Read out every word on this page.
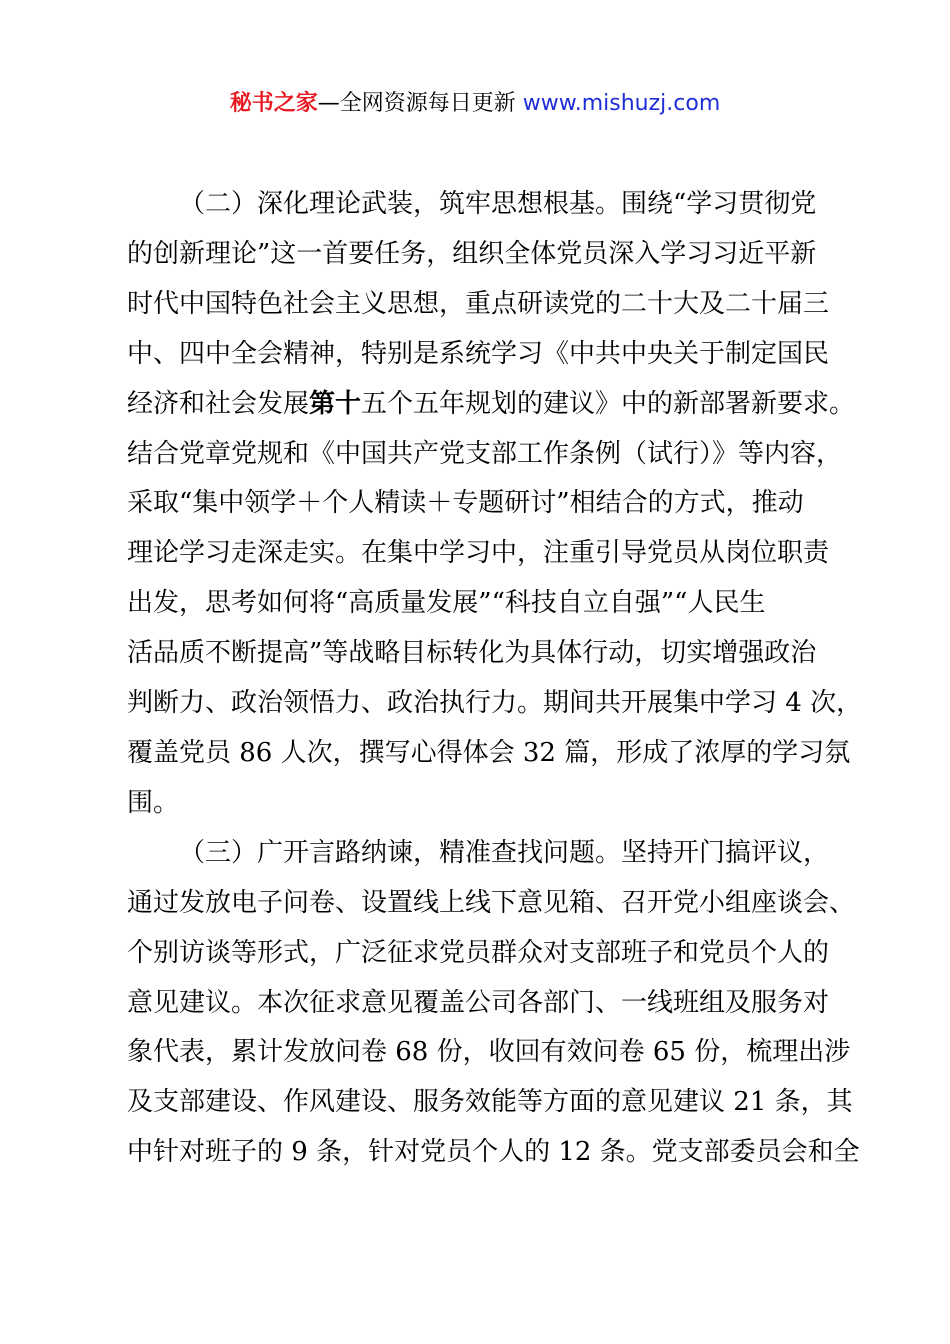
秘书之家—全网资源每日更新 www.mishuzj.com

（二）深化理论武装，筑牢思想根基。围绕“学习贯彻党
的创新理论”这一首要任务，组织全体党员深入学习习近平新
时代中国特色社会主义思想，重点研读党的二十大及二十届三
中、四中全会精神，特别是系统学习《中共中央关于制定国民
经济和社会发展第十五个五年规划的建议》中的新部署新要求。
结合党章党规和《中国共产党支部工作条例（试行）》等内容，
采取“集中领学＋个人精读＋专题研讨”相结合的方式，推动
理论学习走深走实。在集中学习中，注重引导党员从岗位职责
出发，思考如何将“高质量发展”“科技自立自强”“人民生
活品质不断提高”等战略目标转化为具体行动，切实增强政治
判断力、政治领悟力、政治执行力。期间共开展集中学习 4 次，
覆盖党员 86 人次，撰写心得体会 32 篇，形成了浓厚的学习氛
围。

（三）广开言路纳谏，精准查找问题。坚持开门搞评议，
通过发放电子问卷、设置线上线下意见箱、召开党小组座谈会、
个别访谈等形式，广泛征求党员群众对支部班子和党员个人的
意见建议。本次征求意见覆盖公司各部门、一线班组及服务对
象代表，累计发放问卷 68 份，收回有效问卷 65 份，梳理出涉
及支部建设、作风建设、服务效能等方面的意见建议 21 条，其
中针对班子的 9 条，针对党员个人的 12 条。党支部委员会和全
